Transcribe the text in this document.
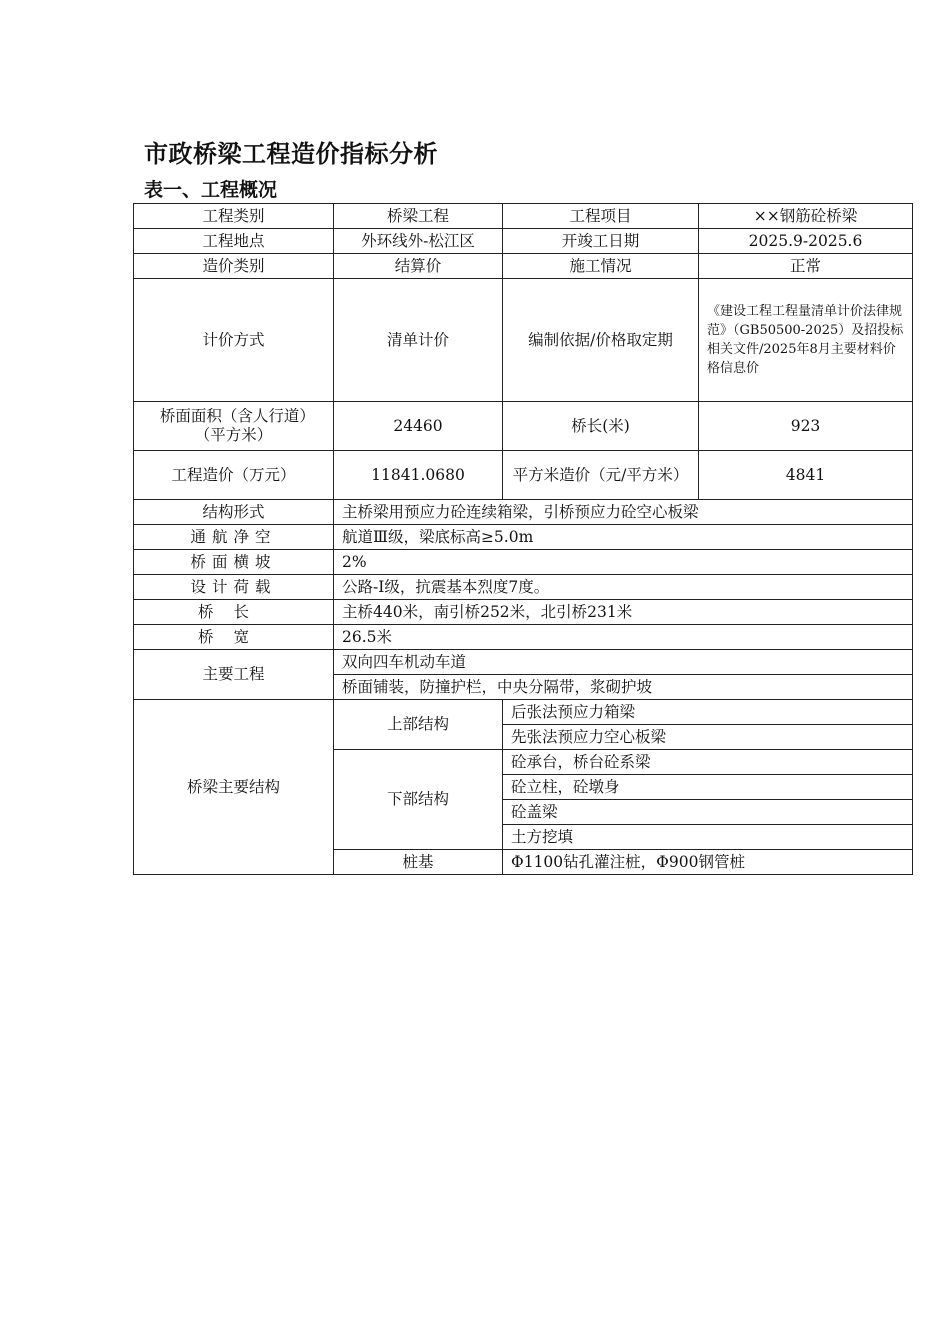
市政桥梁工程造价指标分析
表一、工程概况
工程类别	桥梁工程	工程项目	××钢筋砼桥梁
工程地点	外环线外-松江区	开竣工日期	2025.9-2025.6
造价类别	结算价	施工情况	正常
计价方式	清单计价	编制依据/价格取定期	《建设工程工程量清单计价法律规范》（GB50500-2025）及招投标相关文件/2025年8月主要材料价格信息价
桥面面积（含人行道）　　（平方米）	24460	桥长(米)	923
工程造价（万元）	11841.0680	平方米造价（元/平方米）	4841
结构形式	主桥梁用预应力砼连续箱梁，引桥预应力砼空心板梁		
通航净空	航道Ⅲ级，梁底标高≥5.0m		
桥面横坡	2%		
设计荷载	公路-Ⅰ级，抗震基本烈度7度。		
桥长	主桥440米，南引桥252米，北引桥231米		
桥宽	26.5米		
主要工程	双向四车机动车道		
	桥面铺装，防撞护栏，中央分隔带，浆砌护坡		
桥梁主要结构	上部结构	后张法预应力箱梁	
		先张法预应力空心板梁	
	下部结构	砼承台，桥台砼系梁	
		砼立柱，砼墩身	
		砼盖梁	
		土方挖填	
	桩基	Φ1100钻孔灌注桩，Φ900钢管桩	
